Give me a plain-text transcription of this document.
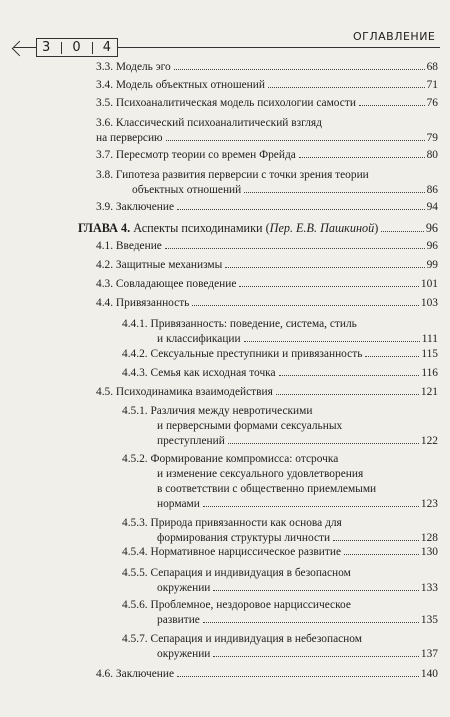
3 0 4
ОГЛАВЛЕНИЕ
3.3. Модель эго	68
3.4. Модель объектных отношений	71
3.5. Психоаналитическая модель психологии самости	76
3.6. Классический психоаналитический взгляд
на перверсию	79
3.7. Пересмотр теории со времен Фрейда	80
3.8. Гипотеза развития перверсии с точки зрения теории
объектных отношений	86
3.9. Заключение	94
ГЛАВА 4. Аспекты психодинамики (Пер. Е.В. Пашкиной)	96
4.1. Введение	96
4.2. Защитные механизмы	99
4.3. Совладающее поведение	101
4.4. Привязанность	103
4.4.1. Привязанность: поведение, система, стиль
и классификации	111
4.4.2. Сексуальные преступники и привязанность	115
4.4.3. Семья как исходная точка	116
4.5. Психодинамика взаимодействия	121
4.5.1. Различия между невротическими
и перверсными формами сексуальных
преступлений	122
4.5.2. Формирование компромисса: отсрочка
и изменение сексуального удовлетворения
в соответствии с общественно приемлемыми
нормами	123
4.5.3. Природа привязанности как основа для
формирования структуры личности	128
4.5.4. Нормативное нарциссическое развитие	130
4.5.5. Сепарация и индивидуация в безопасном
окружении	133
4.5.6. Проблемное, нездоровое нарциссическое
развитие	135
4.5.7. Сепарация и индивидуация в небезопасном
окружении	137
4.6. Заключение	140
